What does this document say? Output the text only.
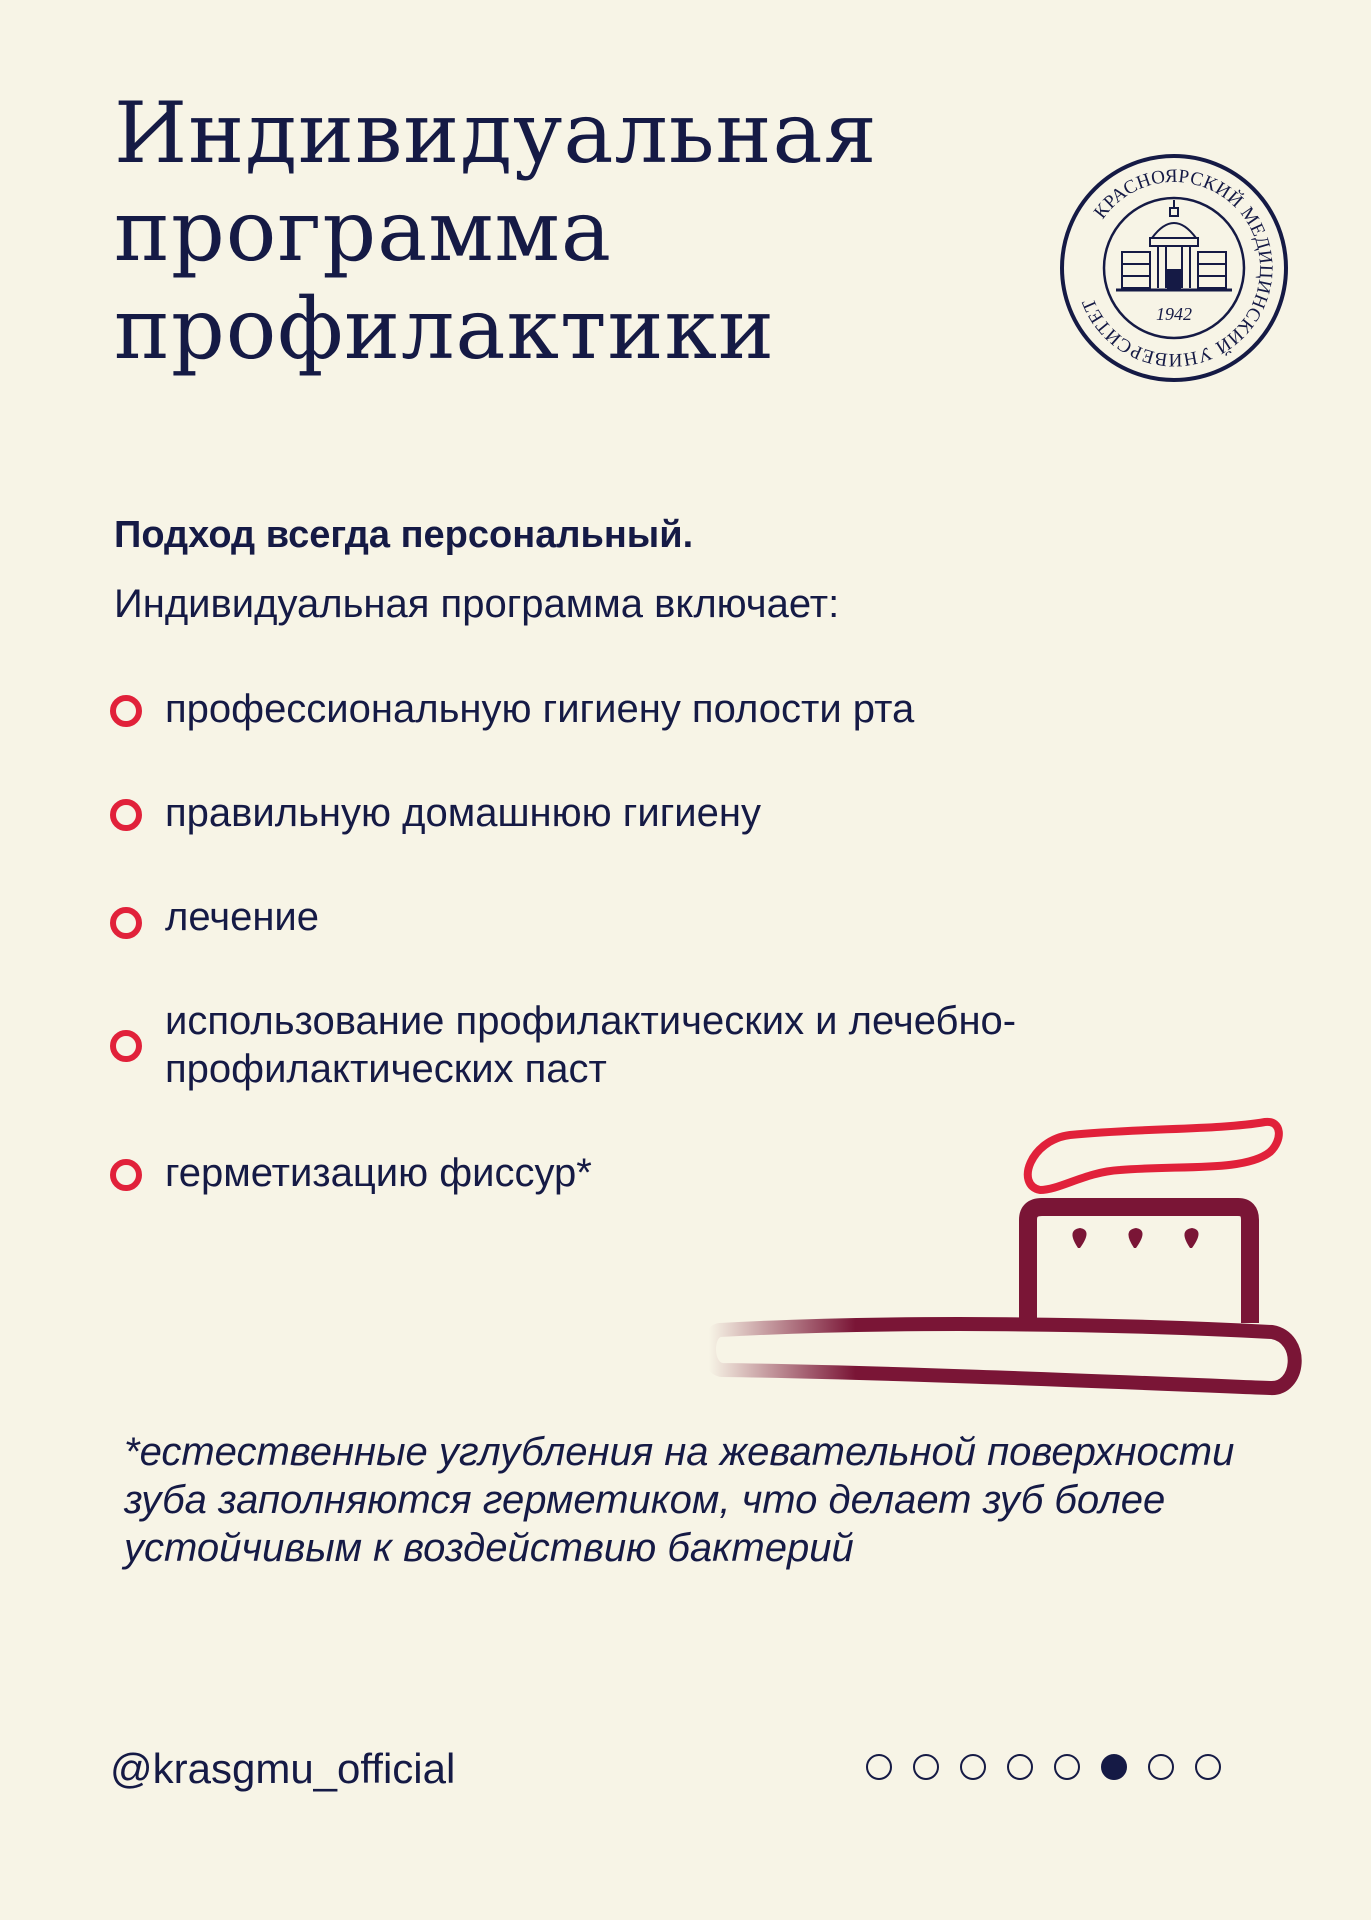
Индивидуальная
программа
профилактики
КРАСНОЯРСКИЙ МЕДИЦИНСКИЙ УНИВЕРСИТЕТ	1942
Подход всегда персональный.
Индивидуальная программа включает:
профессиональную гигиену полости рта
правильную домашнюю гигиену
лечение
использование профилактических и лечебно-профилактических паст
герметизацию фиссур*
*естественные углубления на жевательной поверхности зуба заполняются герметиком, что делает зуб более устойчивым к воздействию бактерий
@krasgmu_official
